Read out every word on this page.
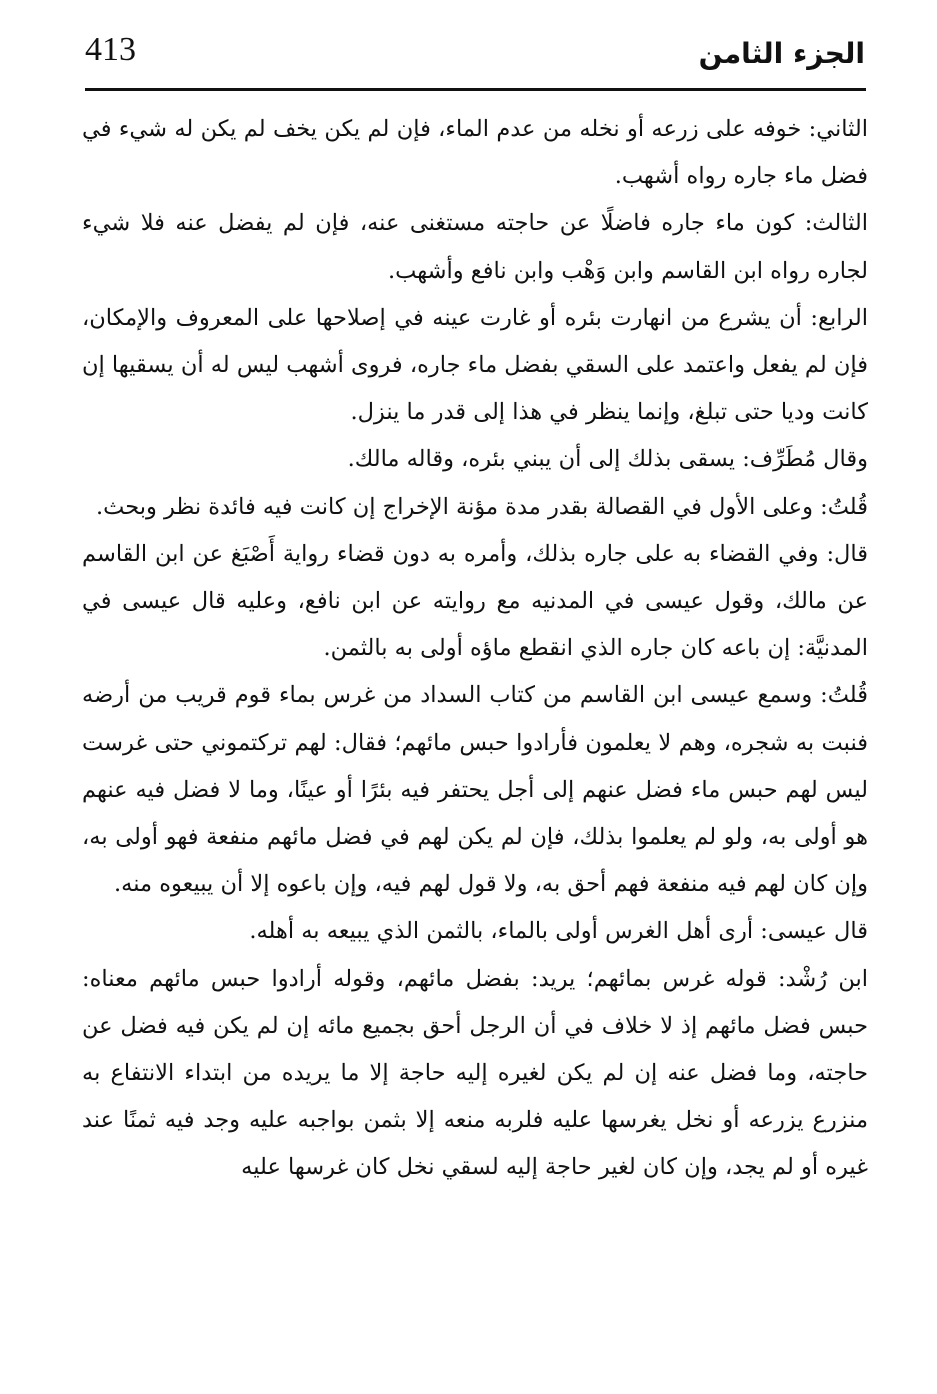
413	الجزء الثامن

الثاني: خوفه على زرعه أو نخله من عدم الماء، فإن لم يكن يخف لم يكن له شيء في فضل ماء جاره رواه أشهب.

الثالث: كون ماء جاره فاضلًا عن حاجته مستغنى عنه، فإن لم يفضل عنه فلا شيء لجاره رواه ابن القاسم وابن وَهْب وابن نافع وأشهب.

الرابع: أن يشرع من انهارت بئره أو غارت عينه في إصلاحها على المعروف والإمكان، فإن لم يفعل واعتمد على السقي بفضل ماء جاره، فروى أشهب ليس له أن يسقيها إن كانت وديا حتى تبلغ، وإنما ينظر في هذا إلى قدر ما ينزل.

وقال مُطَرِّف: يسقى بذلك إلى أن يبني بئره، وقاله مالك.

قُلتُ: وعلى الأول في القصالة بقدر مدة مؤنة الإخراج إن كانت فيه فائدة نظر وبحث.

قال: وفي القضاء به على جاره بذلك، وأمره به دون قضاء رواية أَصْبَغ عن ابن القاسم عن مالك، وقول عيسى في المدنيه مع روايته عن ابن نافع، وعليه قال عيسى في المدنيَّة: إن باعه كان جاره الذي انقطع ماؤه أولى به بالثمن.

قُلتُ: وسمع عيسى ابن القاسم من كتاب السداد من غرس بماء قوم قريب من أرضه فنبت به شجره، وهم لا يعلمون فأرادوا حبس مائهم؛ فقال: لهم تركتموني حتى غرست ليس لهم حبس ماء فضل عنهم إلى أجل يحتفر فيه بئرًا أو عينًا، وما لا فضل فيه عنهم هو أولى به، ولو لم يعلموا بذلك، فإن لم يكن لهم في فضل مائهم منفعة فهو أولى به، وإن كان لهم فيه منفعة فهم أحق به، ولا قول لهم فيه، وإن باعوه إلا أن يبيعوه منه.

قال عيسى: أرى أهل الغرس أولى بالماء، بالثمن الذي يبيعه به أهله.

ابن رُشْد: قوله غرس بمائهم؛ يريد: بفضل مائهم، وقوله أرادوا حبس مائهم معناه: حبس فضل مائهم إذ لا خلاف في أن الرجل أحق بجميع مائه إن لم يكن فيه فضل عن حاجته، وما فضل عنه إن لم يكن لغيره إليه حاجة إلا ما يريده من ابتداء الانتفاع به منزرع يزرعه أو نخل يغرسها عليه فلربه منعه إلا بثمن بواجبه عليه وجد فيه ثمنًا عند غيره أو لم يجد، وإن كان لغير حاجة إليه لسقي نخل كان غرسها عليه
